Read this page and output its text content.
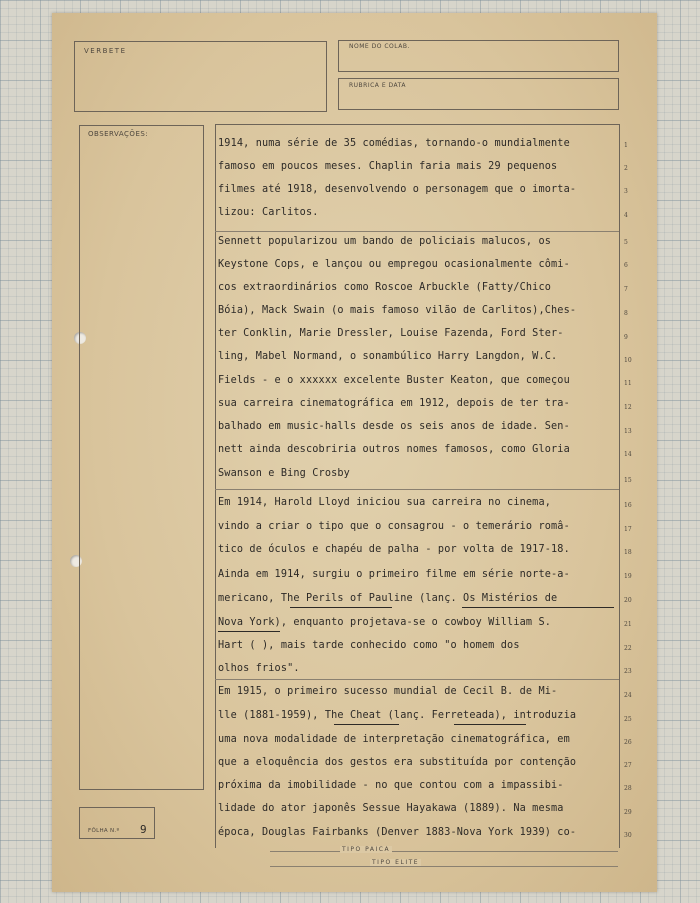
VERBETE
NOME DO COLAB.
RUBRICA E DATA
OBSERVAÇÕES:
FÔLHA N.º 9
1914, numa série de 35 comédias, tornando-o mundialmente
famoso em poucos meses. Chaplin faria mais 29 pequenos
filmes até 1918, desenvolvendo o personagem que o imorta-
lizou: Carlitos.
Sennett popularizou um bando de policiais malucos, os
Keystone Cops, e lançou ou empregou ocasionalmente cômi-
cos extraordinários como Roscoe Arbuckle (Fatty/Chico
Bóia), Mack Swain (o mais famoso vilão de Carlitos),Ches-
ter Conklin, Marie Dressler, Louise Fazenda, Ford Ster-
ling, Mabel Normand, o sonambúlico Harry Langdon, W.C.
Fields - e o xxxxxx excelente Buster Keaton, que começou
sua carreira cinematográfica em 1912, depois de ter tra-
balhado em music-halls desde os seis anos de idade. Sen-
nett ainda descobriria outros nomes famosos, como Gloria
Swanson e Bing Crosby
Em 1914, Harold Lloyd iniciou sua carreira no cinema,
vindo a criar o tipo que o consagrou - o temerário româ-
tico de óculos e chapéu de palha - por volta de 1917-18.
Ainda em 1914, surgiu o primeiro filme em série norte-a-
mericano, The Perils of Pauline (lanç. Os Mistérios de
Nova York), enquanto projetava-se o cowboy William S.
Hart ( ), mais tarde conhecido como "o homem dos
olhos frios".
Em 1915, o primeiro sucesso mundial de Cecil B. de Mi-
lle (1881-1959), The Cheat (lanç. Ferreteada), introduzia
uma nova modalidade de interpretação cinematográfica, em
que a eloquência dos gestos era substituída por contenção
próxima da imobilidade - no que contou com a impassibi-
lidade do ator japonês Sessue Hayakawa (1889). Na mesma
época, Douglas Fairbanks (Denver 1883-Nova York 1939) co-
1
2
3
4
5
6
7
8
9
10
11
12
13
14
15
16
17
18
19
20
21
22
23
24
25
26
27
28
29
30
TIPO PAICA
TIPO ELITE
